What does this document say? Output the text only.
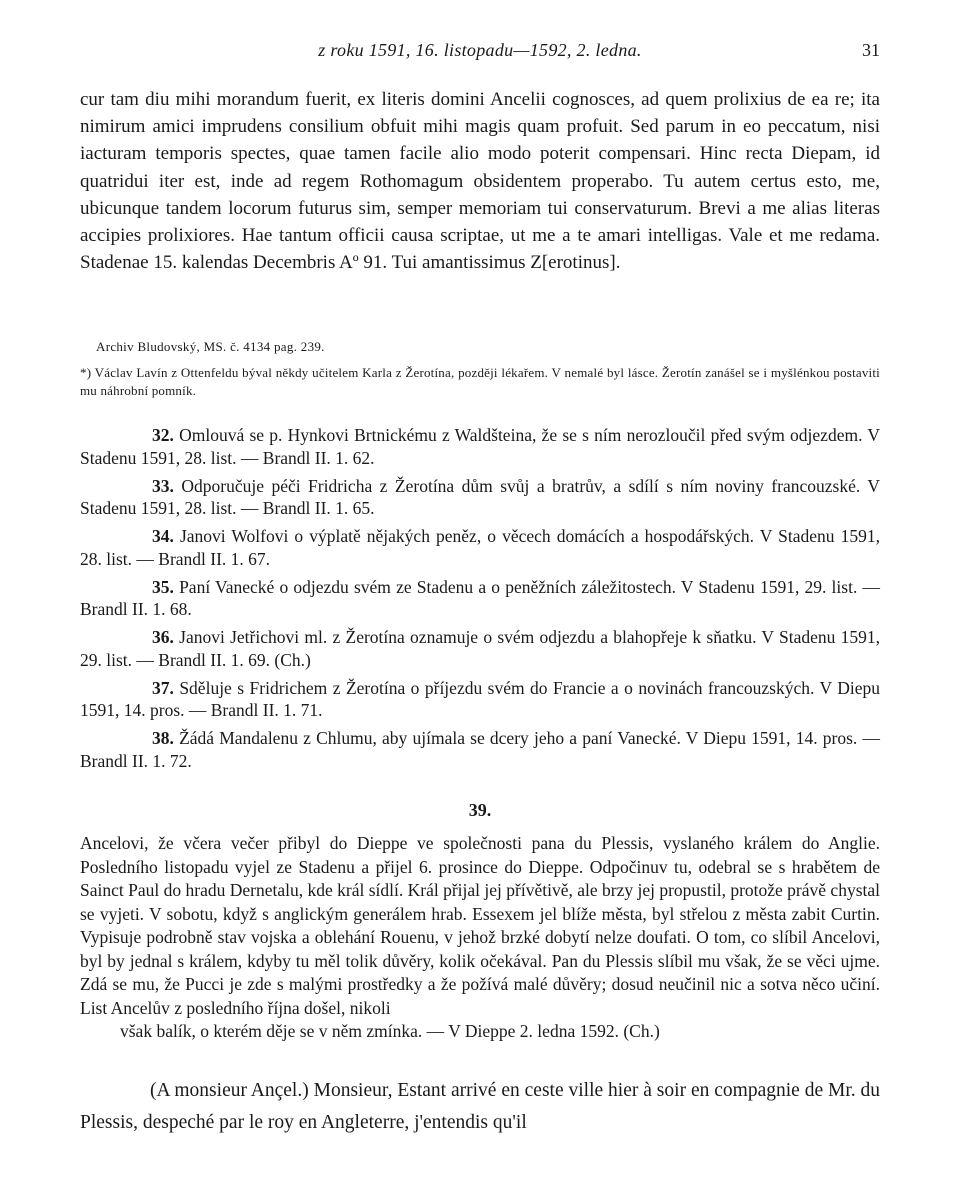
z roku 1591, 16. listopadu—1592, 2. ledna.	31

cur tam diu mihi morandum fuerit, ex literis domini Ancelii cognosces, ad quem prolixius de ea re; ita nimirum amici imprudens consilium obfuit mihi magis quam profuit. Sed parum in eo peccatum, nisi iacturam temporis spectes, quae tamen facile alio modo poterit compensari. Hinc recta Diepam, id quatridui iter est, inde ad regem Rothomagum obsidentem properabo. Tu autem certus esto, me, ubicunque tandem locorum futurus sim, semper memoriam tui conservaturum. Brevi a me alias literas accipies prolixiores. Hae tantum officii causa scriptae, ut me a te amari intelligas. Vale et me redama. Stadenae 15. kalendas Decembris Aº 91. Tui amantissimus Z[erotinus].

Archiv Bludovský, MS. č. 4134 pag. 239.
*) Václav Lavín z Ottenfeldu býval někdy učitelem Karla z Žerotína, později lékařem. V nemalé byl lásce. Žerotín zanášel se i myšlénkou postaviti mu náhrobní pomník.

32. Omlouvá se p. Hynkovi Brtnickému z Waldšteina, že se s ním nerozloučil před svým odjezdem. V Stadenu 1591, 28. list. — Brandl II. 1. 62.

33. Odporučuje péči Fridricha z Žerotína dům svůj a bratrův, a sdílí s ním noviny francouzské. V Stadenu 1591, 28. list. — Brandl II. 1. 65.

34. Janovi Wolfovi o výplatě nějakých peněz, o věcech domácích a hospodářských. V Stadenu 1591, 28. list. — Brandl II. 1. 67.

35. Paní Vanecké o odjezdu svém ze Stadenu a o peněžních záležitostech. V Stadenu 1591, 29. list. — Brandl II. 1. 68.

36. Janovi Jetřichovi ml. z Žerotína oznamuje o svém odjezdu a blahopřeje k sňatku. V Stadenu 1591, 29. list. — Brandl II. 1. 69. (Ch.)

37. Sděluje s Fridrichem z Žerotína o příjezdu svém do Francie a o novinách francouzských. V Diepu 1591, 14. pros. — Brandl II. 1. 71.

38. Žádá Mandalenu z Chlumu, aby ujímala se dcery jeho a paní Vanecké. V Diepu 1591, 14. pros. — Brandl II. 1. 72.

39.

Ancelovi, že včera večer přibyl do Dieppe ve společnosti pana du Plessis, vyslaného králem do Anglie. Posledního listopadu vyjel ze Stadenu a přijel 6. prosince do Dieppe. Odpočinuv tu, odebral se s hrabětem de Sainct Paul do hradu Dernetalu, kde král sídlí. Král přijal jej přívětivě, ale brzy jej propustil, protože právě chystal se vyjeti. V sobotu, když s anglickým generálem hrab. Essexem jel blíže města, byl střelou z města zabit Curtin. Vypisuje podrobně stav vojska a oblehání Rouenu, v jehož brzké dobytí nelze doufati. O tom, co slíbil Ancelovi, byl by jednal s králem, kdyby tu měl tolik důvěry, kolik očekával. Pan du Plessis slíbil mu však, že se věci ujme. Zdá se mu, že Pucci je zde s malými prostředky a že požívá malé důvěry; dosud neučinil nic a sotva něco učiní. List Ancelův z posledního října došel, nikoli

však balík, o kterém děje se v něm zmínka. — V Dieppe 2. ledna 1592. (Ch.)

(A monsieur Ançel.) Monsieur, Estant arrivé en ceste ville hier à soir en compagnie de Mr. du Plessis, despeché par le roy en Angleterre, j'entendis qu'il
